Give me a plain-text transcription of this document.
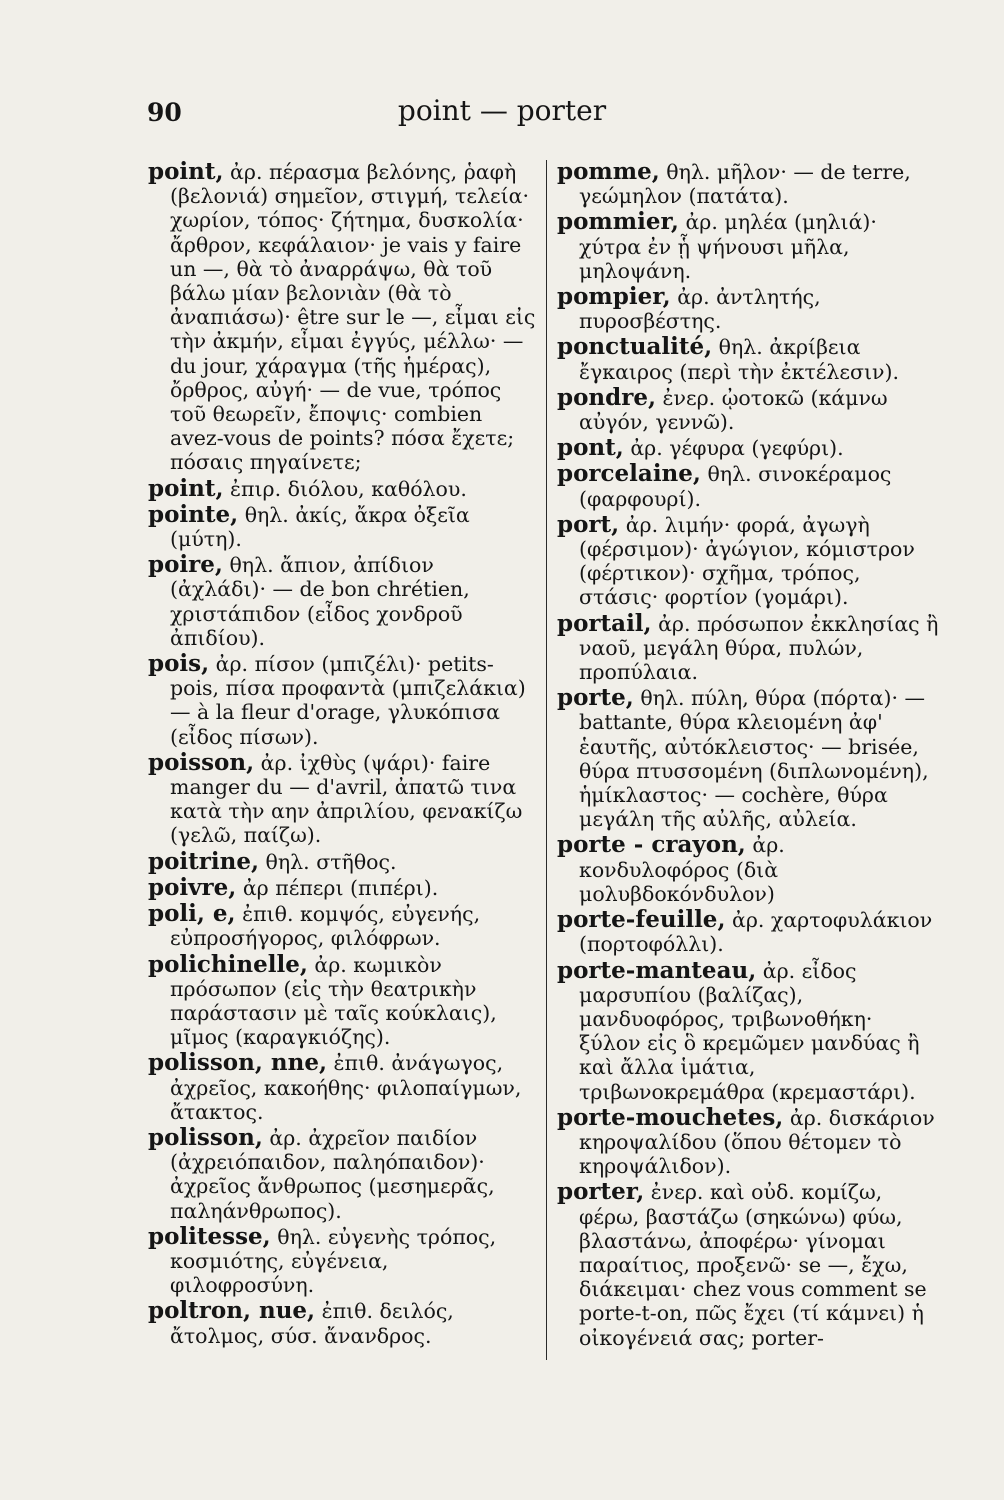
90	point — porter

point, ἀρ. πέρασμα βελόνης, ῥαφὴ (βελονιά) σημεῖον, στιγμή, τελεία· χωρίον, τόπος· ζήτημα, δυσκολία· ἄρθρον, κεφάλαιον· je vais y faire un —, θὰ τὸ ἀναρράψω, θὰ τοῦ βάλω μίαν βελονιὰν (θὰ τὸ ἀναπιάσω)· être sur le —, εἶμαι εἰς τὴν ἀκμήν, εἶμαι ἐγγύς, μέλλω· — du jour, χάραγμα (τῆς ἡμέρας), ὄρθρος, αὐγή· — de vue, τρόπος τοῦ θεωρεῖν, ἔποψις· combien avez-vous de points? πόσα ἔχετε; πόσαις πηγαίνετε;

point, ἐπιρ. διόλου, καθόλου.

pointe, θηλ. ἀκίς, ἄκρα ὀξεῖα (μύτη).

poire, θηλ. ἄπιον, ἀπίδιον (ἀχλάδι)· — de bon chrétien, χριστάπιδον (εἶδος χονδροῦ ἀπιδίου).

pois, ἀρ. πίσον (μπιζέλι)· petits-pois, πίσα προφαντὰ (μπιζελάκια) — à la fleur d'orage, γλυκόπισα (εἶδος πίσων).

poisson, ἀρ. ἰχθὺς (ψάρι)· faire manger du — d'avril, ἀπατῶ τινα κατὰ τὴν αην ἀπριλίου, φενακίζω (γελῶ, παίζω).

poitrine, θηλ. στῆθος.

poivre, ἀρ πέπερι (πιπέρι).

poli, e, ἐπιθ. κομψός, εὐγενής, εὐπροσήγορος, φιλόφρων.

polichinelle, ἀρ. κωμικὸν πρόσωπον (εἰς τὴν θεατρικὴν παράστασιν μὲ ταῖς κούκλαις), μῖμος (καραγκιόζης).

polisson, nne, ἐπιθ. ἀνάγωγος, ἀχρεῖος, κακοήθης· φιλοπαίγμων, ἄτακτος.

polisson, ἀρ. ἀχρεῖον παιδίον (ἀχρειόπαιδον, παληόπαιδον)· ἀχρεῖος ἄνθρωπος (μεσημερᾶς, παληάνθρωπος).

politesse, θηλ. εὐγενὴς τρόπος, κοσμιότης, εὐγένεια, φιλοφροσύνη.

poltron, nue, ἐπιθ. δειλός, ἄτολμος, σύσ. ἄνανδρος.

pomme, θηλ. μῆλον· — de terre, γεώμηλον (πατάτα).

pommier, ἀρ. μηλέα (μηλιά)· χύτρα ἐν ᾗ ψήνουσι μῆλα, μηλοψάνη.

pompier, ἀρ. ἀντλητής, πυροσβέστης.

ponctualité, θηλ. ἀκρίβεια ἔγκαιρος (περὶ τὴν ἐκτέλεσιν).

pondre, ἐνερ. ᾠοτοκῶ (κάμνω αὐγόν, γεννῶ).

pont, ἀρ. γέφυρα (γεφύρι).

porcelaine, θηλ. σινοκέραμος (φαρφουρί).

port, ἀρ. λιμήν· φορά, ἀγωγὴ (φέρσιμον)· ἀγώγιον, κόμιστρον (φέρτικον)· σχῆμα, τρόπος, στάσις· φορτίον (γομάρι).

portail, ἀρ. πρόσωπον ἐκκλησίας ἢ ναοῦ, μεγάλη θύρα, πυλών, προπύλαια.

porte, θηλ. πύλη, θύρα (πόρτα)· — battante, θύρα κλειομένη ἀφ' ἑαυτῆς, αὐτόκλειστος· — brisée, θύρα πτυσσομένη (διπλωνομένη), ἡμίκλαστος· — cochère, θύρα μεγάλη τῆς αὐλῆς, αὐλεία.

porte - crayon, ἀρ. κονδυλοφόρος (διὰ μολυβδοκόνδυλον)

porte-feuille, ἀρ. χαρτοφυλάκιον (πορτοφόλλι).

porte-manteau, ἀρ. εἶδος μαρσυπίου (βαλίζας), μανδυοφόρος, τριβωνοθήκη· ξύλον εἰς ὃ κρεμῶμεν μανδύας ἢ καὶ ἄλλα ἱμάτια, τριβωνοκρεμάθρα (κρεμαστάρι).

porte-mouchetes, ἀρ. δισκάριον κηροψαλίδου (ὅπου θέτομεν τὸ κηροψάλιδον).

porter, ἐνερ. καὶ οὐδ. κομίζω, φέρω, βαστάζω (σηκώνω) φύω, βλαστάνω, ἀποφέρω· γίνομαι παραίτιος, προξενῶ· se —, ἔχω, διάκειμαι· chez vous comment se porte-t-on, πῶς ἔχει (τί κάμνει) ἡ οἰκογένειά σας; porter-
